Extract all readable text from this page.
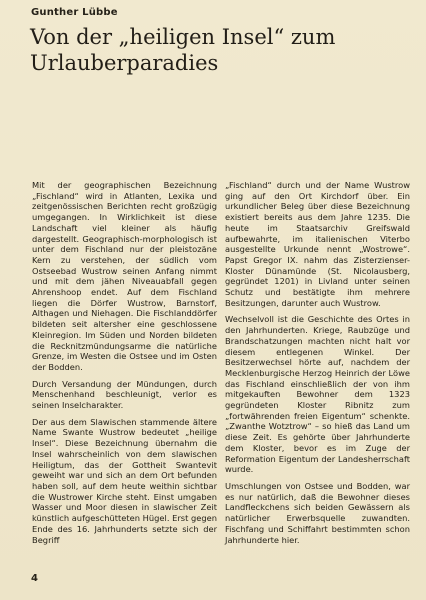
Gunther Lübbe
Von der „heiligen Insel“ zum Urlauberparadies

Mit der geographischen Bezeichnung „Fischland“ wird in Atlanten, Lexika und zeitgenössischen Berichten recht großzügig umgegangen. In Wirklichkeit ist diese Landschaft viel kleiner als häufig dargestellt. Geographisch-morphologisch ist unter dem Fischland nur der pleistozäne Kern zu verstehen, der südlich vom Ostseebad Wustrow seinen Anfang nimmt und mit dem jähen Niveauabfall gegen Ahrenshoop endet. Auf dem Fischland liegen die Dörfer Wustrow, Barnstorf, Althagen und Niehagen. Die Fischlanddörfer bildeten seit altersher eine geschlossene Kleinregion. Im Süden und Norden bildeten die Recknitzmündungsarme die natürliche Grenze, im Westen die Ostsee und im Osten der Bodden.

Durch Versandung der Mündungen, durch Menschenhand beschleunigt, verlor es seinen Inselcharakter.

Der aus dem Slawischen stammende ältere Name Swante Wustrow bedeutet „heilige Insel“. Diese Bezeichnung übernahm die Insel wahrscheinlich von dem slawischen Heiligtum, das der Gottheit Swantevit geweiht war und sich an dem Ort befunden haben soll, auf dem heute weithin sichtbar die Wustrower Kirche steht. Einst umgaben Wasser und Moor diesen in slawischer Zeit künstlich aufgeschütteten Hügel. Erst gegen Ende des 16. Jahrhunderts setzte sich der Begriff

„Fischland“ durch und der Name Wustrow ging auf den Ort Kirchdorf über. Ein urkundlicher Beleg über diese Bezeichnung existiert bereits aus dem Jahre 1235. Die heute im Staatsarchiv Greifswald aufbewahrte, im italienischen Viterbo ausgestellte Urkunde nennt „Wostrowe“. Papst Gregor IX. nahm das Zisterzienser-Kloster Dünamünde (St. Nicolausberg, gegründet 1201) in Livland unter seinen Schutz und bestätigte ihm mehrere Besitzungen, darunter auch Wustrow.

Wechselvoll ist die Geschichte des Ortes in den Jahrhunderten. Kriege, Raubzüge und Brandschatzungen machten nicht halt vor diesem entlegenen Winkel. Der Besitzerwechsel hörte auf, nachdem der Mecklenburgische Herzog Heinrich der Löwe das Fischland einschließlich der von ihm mitgekauften Bewohner dem 1323 gegründeten Kloster Ribnitz zum „fortwährenden freien Eigentum“ schenkte. „Zwanthe Wotztrow“ – so hieß das Land um diese Zeit. Es gehörte über Jahrhunderte dem Kloster, bevor es im Zuge der Reformation Eigentum der Landesherrschaft wurde.

Umschlungen von Ostsee und Bodden, war es nur natürlich, daß die Bewohner dieses Landfleckchens sich beiden Gewässern als natürlicher Erwerbsquelle zuwandten. Fischfang und Schiffahrt bestimmten schon Jahrhunderte hier.

4
